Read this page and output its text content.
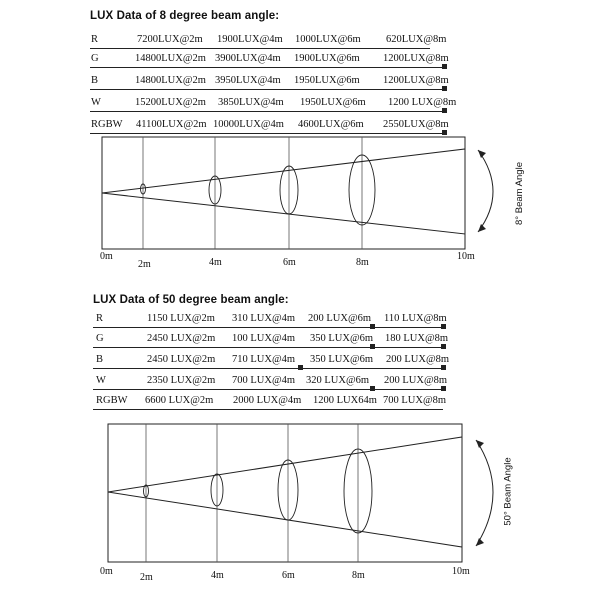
LUX Data of 8 degree beam angle:
R	7200LUX@2m 1900LUX@4m 1000LUX@6m 620LUX@8m
G	14800LUX@2m 3900LUX@4m 1900LUX@6m 1200LUX@8m
B	14800LUX@2m 3950LUX@4m 1950LUX@6m 1200LUX@8m
W	15200LUX@2m 3850LUX@4m 1950LUX@6m 1200 LUX@8m
RGBW 41100LUX@2m 10000LUX@4m 4600LUX@6m 2550LUX@8m
8° Beam Angle
0m
2m	4m	6m	8m
10m
LUX Data of 50 degree beam angle:
R	1150 LUX@2m 310 LUX@4m 200 LUX@6m 110 LUX@8m
G	2450 LUX@2m 100 LUX@4m 350 LUX@6m 180 LUX@8m
B	2450 LUX@2m 710 LUX@4m 350 LUX@6m 200 LUX@8m
W	2350 LUX@2m 700 LUX@4m 320 LUX@6m 200 LUX@8m
RGBW 6600 LUX@2m 2000 LUX@4m 1200 LUX64m 700 LUX@8m
50° Beam Angle
0m
2m	4m	6m	8m	10m
